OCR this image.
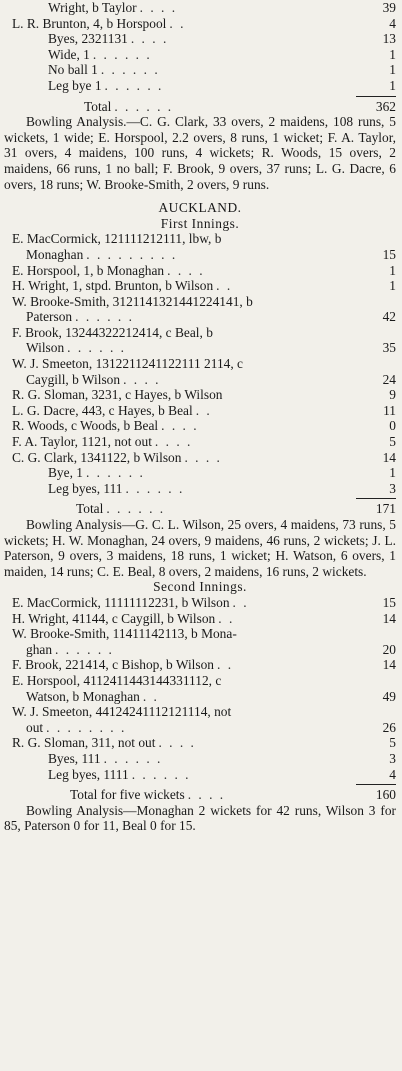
Wright, b Taylor . . . .	39
L. R. Brunton, 4, b Horspool . .	4
Byes, 2321131 . . . .	13
Wide, 1 . . . . . .	1
No ball 1 . . . . . .	1
Leg bye 1 . . . . . .	1
Total . . . . . .	362

Bowling Analysis.—C. G. Clark, 33 overs, 2 maidens, 108 runs, 5 wickets, 1 wide; E. Horspool, 2.2 overs, 8 runs, 1 wicket; F. A. Taylor, 31 overs, 4 maidens, 100 runs, 4 wickets; R. Woods, 15 overs, 2 maidens, 66 runs, 1 no ball; F. Brook, 9 overs, 37 runs; L. G. Dacre, 6 overs, 18 runs; W. Brooke-Smith, 2 overs, 9 runs.

AUCKLAND.
First Innings.
E. MacCormick, 121111212111, lbw, b
Monaghan . . . . . . . . .	15
E. Horspool, 1, b Monaghan . . . .	1
H. Wright, 1, stpd. Brunton, b Wilson . .	1
W. Brooke-Smith, 3121141321441224141, b
Paterson . . . . . .	42
F. Brook, 13244322212414, c Beal, b
Wilson . . . . . .	35
W. J. Smeeton, 1312211241122111 2114, c
Caygill, b Wilson . . . .	24
R. G. Sloman, 3231, c Hayes, b Wilson	9
L. G. Dacre, 443, c Hayes, b Beal . .	11
R. Woods, c Woods, b Beal . . . .	0
F. A. Taylor, 1121, not out . . . .	5
C. G. Clark, 1341122, b Wilson . . . .	14
Bye, 1 . . . . . .	1
Leg byes, 111 . . . . . .	3
Total . . . . . .	171

Bowling Analysis—G. C. L. Wilson, 25 overs, 4 maidens, 73 runs, 5 wickets; H. W. Monaghan, 24 overs, 9 maidens, 46 runs, 2 wickets; J. L. Paterson, 9 overs, 3 maidens, 18 runs, 1 wicket; H. Watson, 6 overs, 1 maiden, 14 runs; C. E. Beal, 8 overs, 2 maidens, 16 runs, 2 wickets.

Second Innings.
E. MacCormick, 11111112231, b Wilson . .	15
H. Wright, 41144, c Caygill, b Wilson . .	14
W. Brooke-Smith, 11411142113, b Mona-
ghan . . . . . .	20
F. Brook, 221414, c Bishop, b Wilson . .	14
E. Horspool, 4112411443144331112, c
Watson, b Monaghan . .	49
W. J. Smeeton, 44124241112121114, not
out . . . . . . . .	26
R. G. Sloman, 311, not out . . . .	5
Byes, 111 . . . . . .	3
Leg byes, 1111 . . . . . .	4
Total for five wickets . . . .	160

Bowling Analysis—Monaghan 2 wickets for 42 runs, Wilson 3 for 85, Paterson 0 for 11, Beal 0 for 15.
